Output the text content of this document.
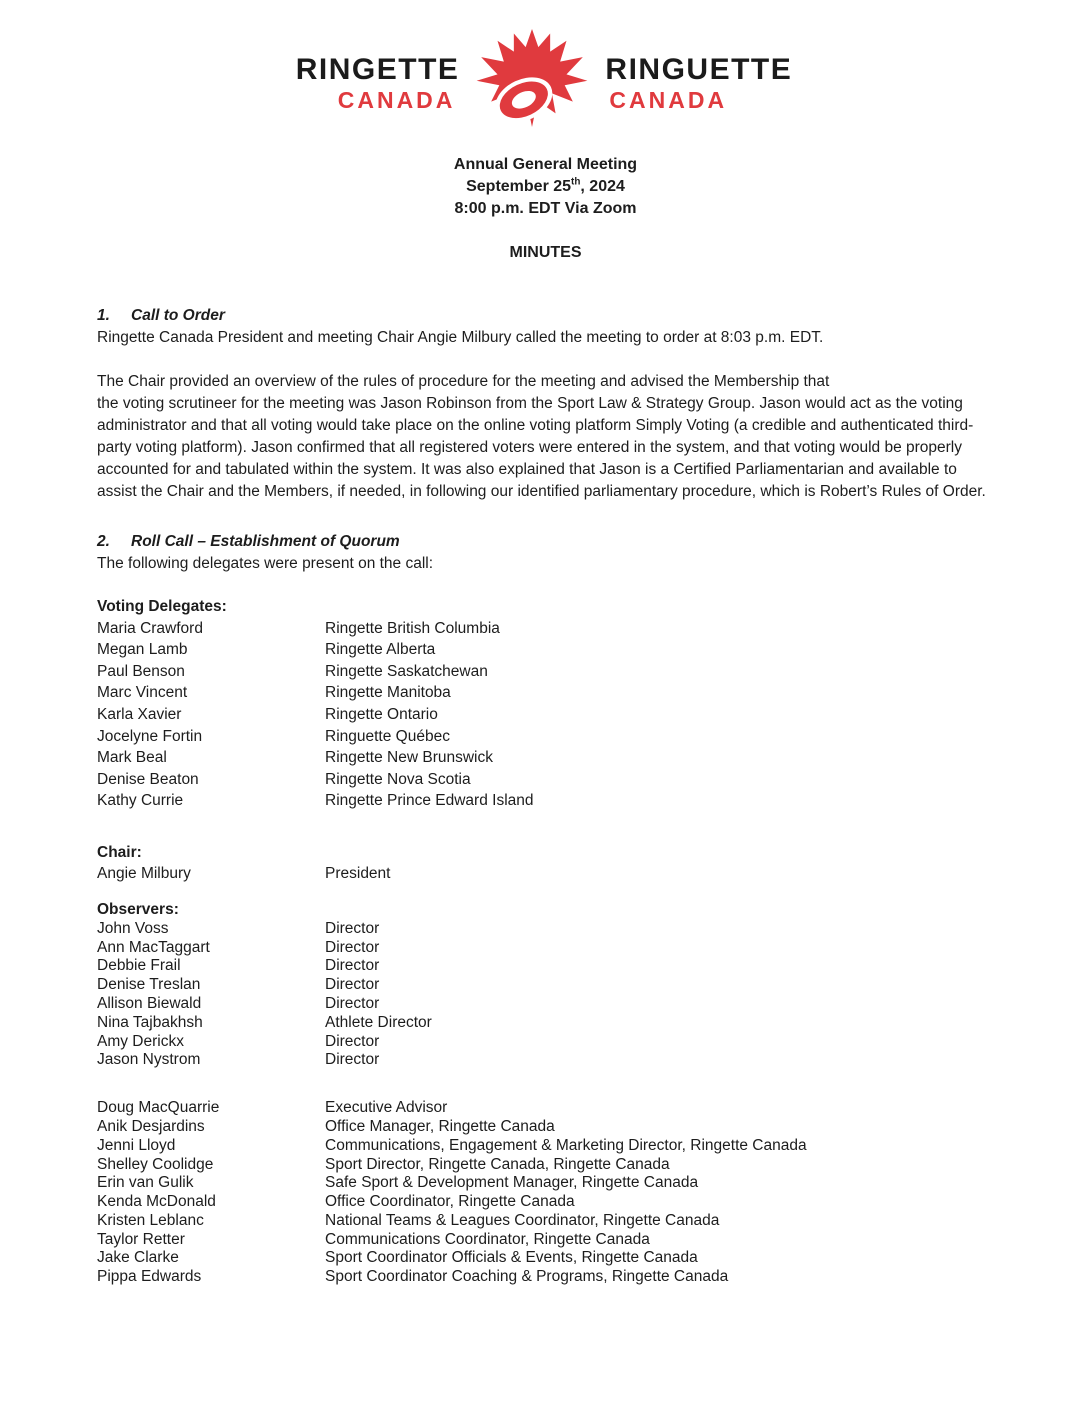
RINGETTE
CANADA
RINGUETTE
CANADA
Annual General Meeting
September 25th, 2024
8:00 p.m. EDT Via Zoom
MINUTES
1.	Call to Order
Ringette Canada President and meeting Chair Angie Milbury called the meeting to order at 8:03 p.m. EDT.
The Chair provided an overview of the rules of procedure for the meeting and advised the Membership that
the voting scrutineer for the meeting was Jason Robinson from the Sport Law & Strategy Group. Jason would act as the voting administrator and that all voting would take place on the online voting platform Simply Voting (a credible and authenticated third-party voting platform). Jason confirmed that all registered voters were entered in the system, and that voting would be properly accounted for and tabulated within the system. It was also explained that Jason is a Certified Parliamentarian and available to assist the Chair and the Members, if needed, in following our identified parliamentary procedure, which is Robert’s Rules of Order.
2.	Roll Call – Establishment of Quorum
The following delegates were present on the call:
Voting Delegates:
Maria Crawford	Ringette British Columbia
Megan Lamb	Ringette Alberta
Paul Benson	Ringette Saskatchewan
Marc Vincent	Ringette Manitoba
Karla Xavier	Ringette Ontario
Jocelyne Fortin	Ringuette Québec
Mark Beal	Ringette New Brunswick
Denise Beaton	Ringette Nova Scotia
Kathy Currie	Ringette Prince Edward Island
Chair:
Angie Milbury	President
Observers:
John Voss	Director
Ann MacTaggart	Director
Debbie Frail	Director
Denise Treslan	Director
Allison Biewald	Director
Nina Tajbakhsh	Athlete Director
Amy Derickx	Director
Jason Nystrom	Director
Doug MacQuarrie	Executive Advisor
Anik Desjardins	Office Manager, Ringette Canada
Jenni Lloyd	Communications, Engagement & Marketing Director, Ringette Canada
Shelley Coolidge	Sport Director, Ringette Canada, Ringette Canada
Erin van Gulik	Safe Sport & Development Manager, Ringette Canada
Kenda McDonald	Office Coordinator, Ringette Canada
Kristen Leblanc	National Teams & Leagues Coordinator, Ringette Canada
Taylor Retter	Communications Coordinator, Ringette Canada
Jake Clarke	Sport Coordinator Officials & Events, Ringette Canada
Pippa Edwards	Sport Coordinator Coaching & Programs, Ringette Canada
